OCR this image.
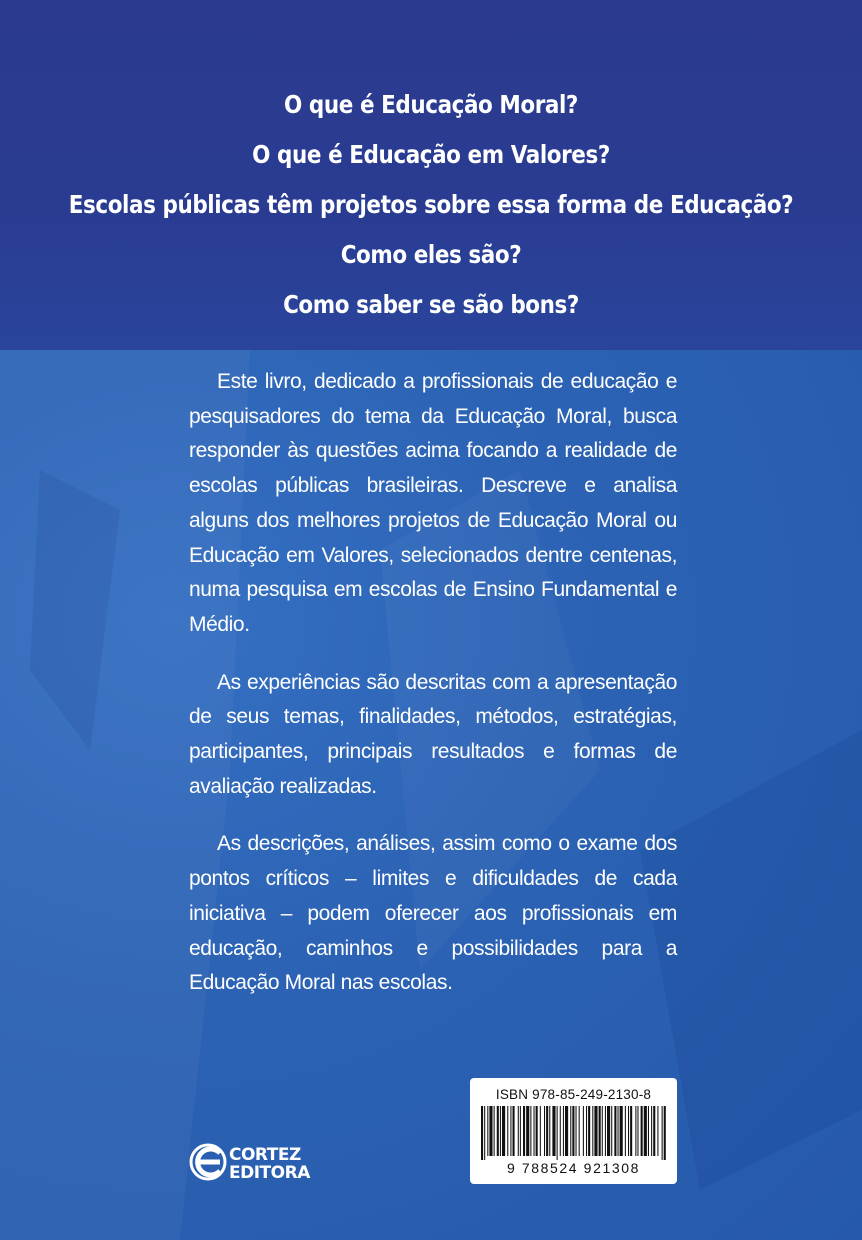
O que é Educação Moral?
O que é Educação em Valores?
Escolas públicas têm projetos sobre essa forma de Educação?
Como eles são?
Como saber se são bons?

Este livro, dedicado a profissionais de educação e pesquisadores do tema da Educação Moral, busca responder às questões acima focando a realidade de escolas públicas brasileiras. Descreve e analisa alguns dos melhores projetos de Educação Moral ou Educação em Valores, selecionados dentre centenas, numa pesquisa em escolas de Ensino Fundamental e Médio.

As experiências são descritas com a apresentação de seus temas, finalidades, métodos, estratégias, participantes, principais resultados e formas de avaliação realizadas.

As descrições, análises, assim como o exame dos pontos críticos – limites e dificuldades de cada iniciativa – podem oferecer aos profissionais em educação, caminhos e possibilidades para a Educação Moral nas escolas.

CORTEZ
EDITORA
ISBN 978-85-249-2130-8
9 788524 921308
